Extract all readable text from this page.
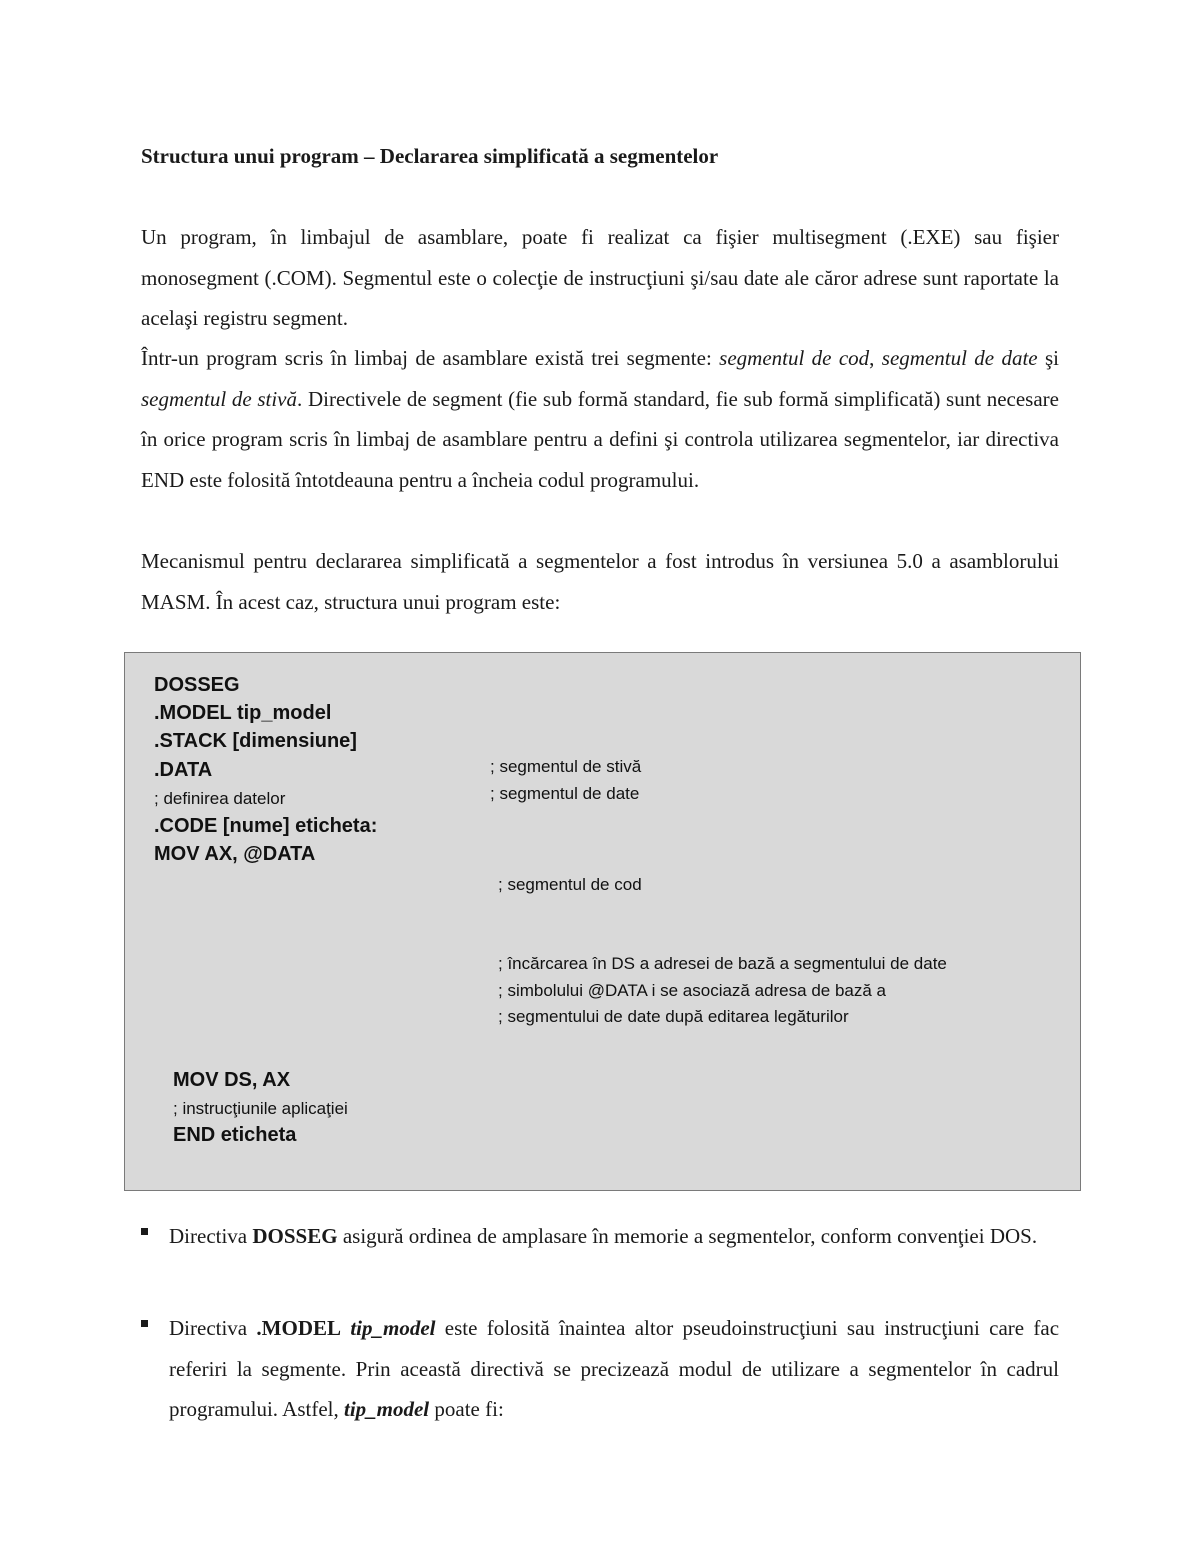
Structura unui program – Declararea simplificată a segmentelor
Un program, în limbajul de asamblare, poate fi realizat ca fişier multisegment (.EXE) sau fişier monosegment (.COM). Segmentul este o colecţie de instrucţiuni şi/sau date ale căror adrese sunt raportate la acelaşi registru segment.
Într-un program scris în limbaj de asamblare există trei segmente: segmentul de cod, segmentul de date şi segmentul de stivă. Directivele de segment (fie sub formă standard, fie sub formă simplificată) sunt necesare în orice program scris în limbaj de asamblare pentru a defini şi controla utilizarea segmentelor, iar directiva END este folosită întotdeauna pentru a încheia codul programului.
Mecanismul pentru declararea simplificată a segmentelor a fost introdus în versiunea 5.0 a asamblorului MASM. În acest caz, structura unui program este:
DOSSEG
.MODEL tip_model
.STACK [dimensiune]
.DATA
; definirea datelor
.CODE [nume] eticheta:
MOV AX, @DATA
; segmentul de stivă
; segmentul de date
; segmentul de cod
; încărcarea în DS a adresei de bază a segmentului de date
; simbolului @DATA i se asociază adresa de bază a
; segmentului de date după editarea legăturilor
MOV DS, AX
; instrucţiunile aplicaţiei
END eticheta
Directiva DOSSEG asigură ordinea de amplasare în memorie a segmentelor, conform convenţiei DOS.
Directiva .MODEL tip_model este folosită înaintea altor pseudoinstrucţiuni sau instrucţiuni care fac referiri la segmente. Prin această directivă se precizează modul de utilizare a segmentelor în cadrul programului. Astfel, tip_model poate fi:
